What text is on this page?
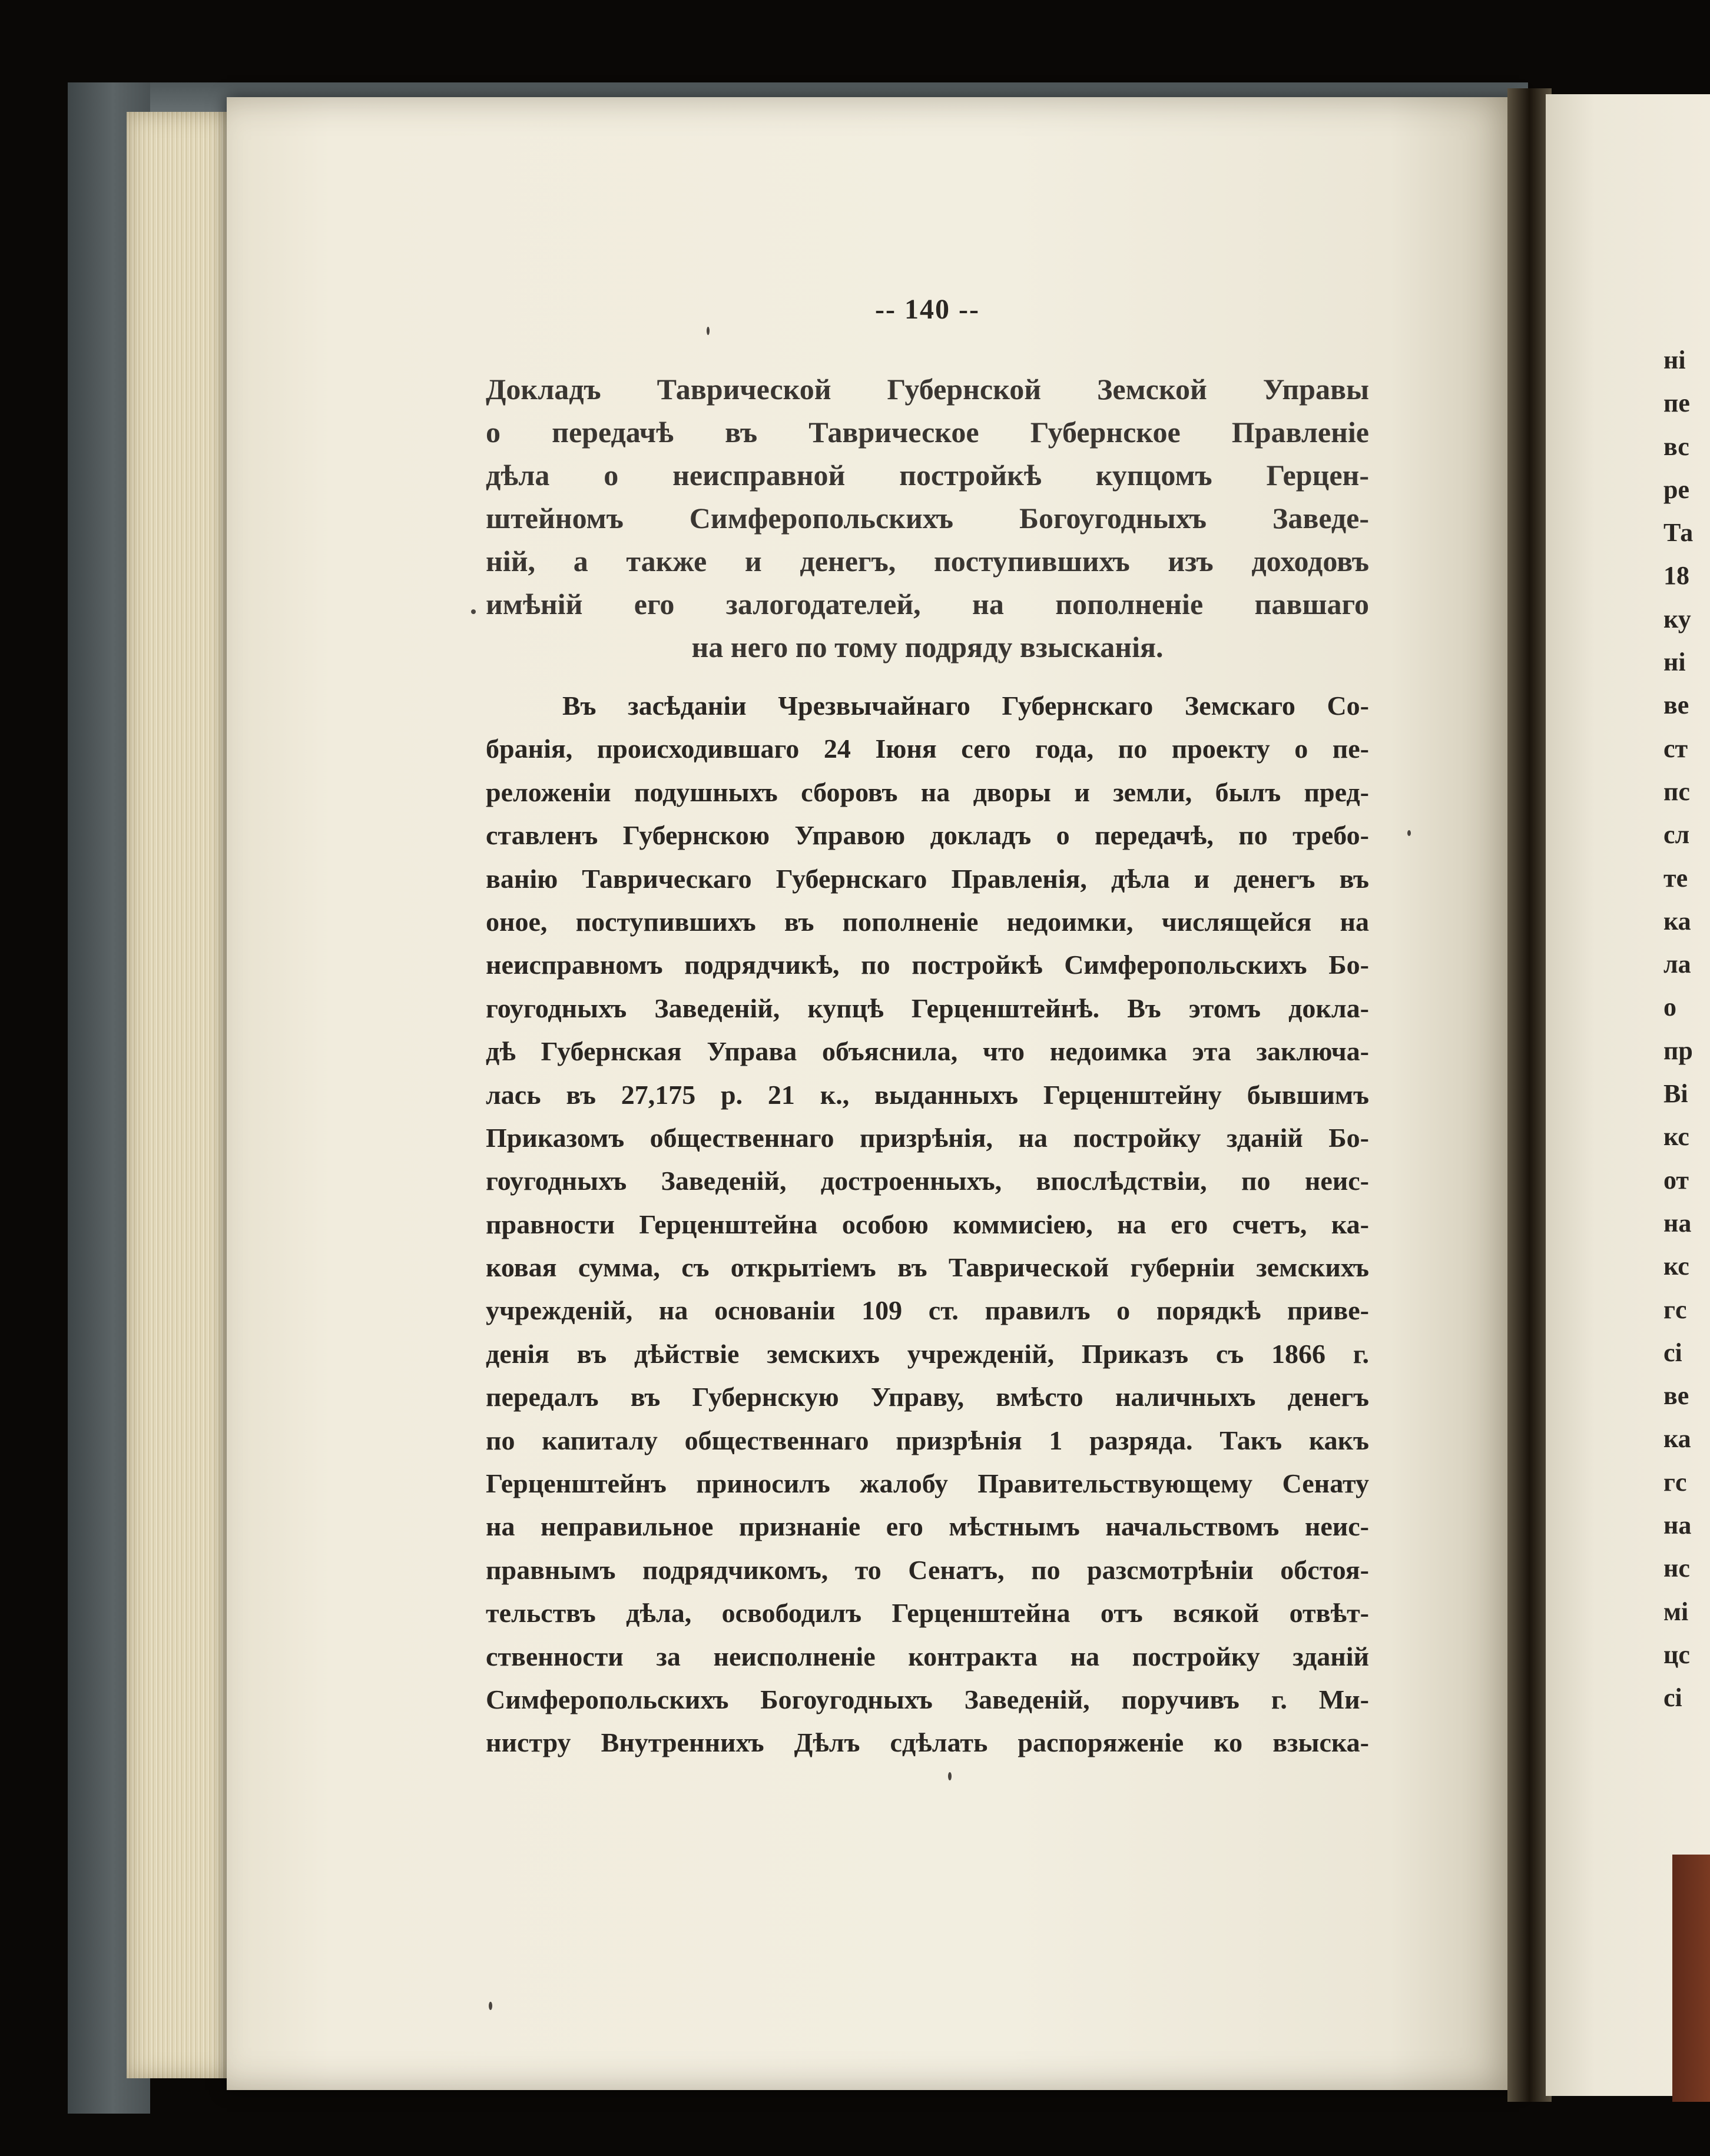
-- 140 --
Докладъ Таврической Губернской Земской Управы
о передачѣ въ Таврическое Губернское Правленіе
дѣла о неисправной постройкѣ купцомъ Герцен-
штейномъ Симферопольскихъ Богоугодныхъ Заведе-
ній, а также и денегъ, поступившихъ изъ доходовъ
имѣній его залогодателей, на пополненіе павшаго
на него по тому подряду взысканія.
Въ засѣданіи Чрезвычайнаго Губернскаго Земскаго Со-
бранія, происходившаго 24 Іюня сего года, по проекту о пе-
реложеніи подушныхъ сборовъ на дворы и земли, былъ пред-
ставленъ Губернскою Управою докладъ о передачѣ, по требо-
ванію Таврическаго Губернскаго Правленія, дѣла и денегъ въ
оное, поступившихъ въ пополненіе недоимки, числящейся на
неисправномъ подрядчикѣ, по постройкѣ Симферопольскихъ Бо-
гоугодныхъ Заведеній, купцѣ Герценштейнѣ. Въ этомъ доклa-
дѣ Губернская Управа объяснила, что недоимка эта заключа-
лась въ 27,175 р. 21 к., выданныхъ Герценштейну бывшимъ
Приказомъ общественнаго призрѣнія, на постройку зданій Бо-
гоугодныхъ Заведеній, достроенныхъ, впослѣдствіи, по неис-
правности Герценштейна особою коммисіею, на его счетъ, ка-
ковая сумма, съ открытіемъ въ Таврической губерніи земскихъ
учрежденій, на основаніи 109 ст. правилъ о порядкѣ приве-
денія въ дѣйствіе земскихъ учрежденій, Приказъ съ 1866 г.
передалъ въ Губернскую Управу, вмѣсто наличныхъ денегъ
по капиталу общественнаго призрѣнія 1 разряда. Такъ какъ
Герценштейнъ приносилъ жалобу Правительствующему Сенату
на неправильное признаніе его мѣстнымъ начальствомъ неис-
правнымъ подрядчикомъ, то Сенатъ, по разсмотрѣніи обстоя-
тельствъ дѣла, освободилъ Герценштейна отъ всякой отвѣт-
ственности за неисполненіе контракта на постройку зданій
Симферопольскихъ Богоугодныхъ Заведеній, поручивъ г. Ми-
нистру Внутреннихъ Дѣлъ сдѣлать распоряженіе ко взыска-
ні
пе
вс
ре
Та
18
ку
ні
ве
ст
пс
сл
те
ка
ла
о
пр
Ві
кс
от
на
кс
гс
сі
ве
ка
гс
на
нс
мі
цс
сі
